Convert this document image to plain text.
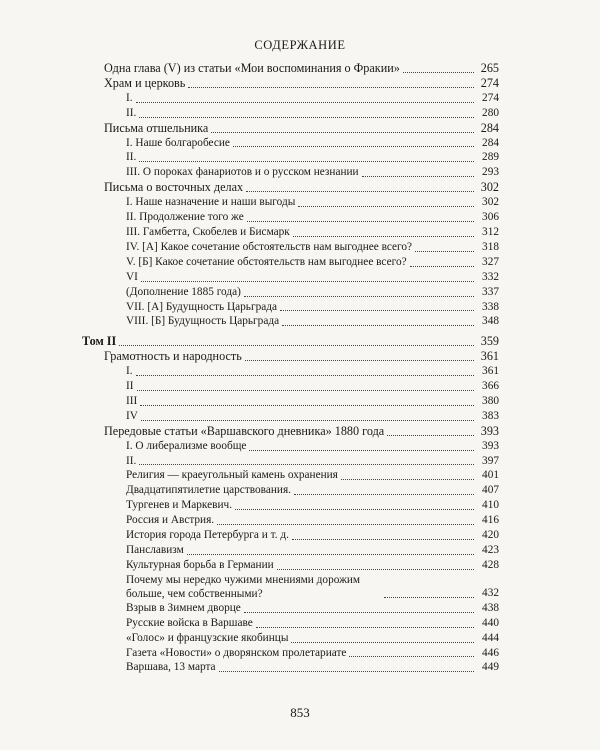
СОДЕРЖАНИЕ
Одна глава (V) из статьи «Мои воспоминания о Фракии»	265
Храм и церковь	274
I.	274
II.	280
Письма отшельника	284
I. Наше болгаробесие	284
II.	289
III. О пороках фанариотов и о русском незнании	293
Письма о восточных делах	302
I. Наше назначение и наши выгоды	302
II. Продолжение того же	306
III. Гамбетта, Скобелев и Бисмарк	312
IV. [А] Какое сочетание обстоятельств нам выгоднее всего?	318
V. [Б] Какое сочетание обстоятельств нам выгоднее всего?	327
VI	332
(Дополнение 1885 года)	337
VII. [А] Будущность Царьграда	338
VIII. [Б] Будущность Царьграда	348
Том II	359
Грамотность и народность	361
I.	361
II	366
III	380
IV	383
Передовые статьи «Варшавского дневника» 1880 года	393
I. О либерализме вообще	393
II.	397
Религия — краеугольный камень охранения	401
Двадцатипятилетие царствования.	407
Тургенев и Маркевич.	410
Россия и Австрия.	416
История города Петербурга и т. д.	420
Панславизм	423
Культурная борьба в Германии	428
Почему мы нередко чужими мнениями дорожим больше, чем собственными?	432
Взрыв в Зимнем дворце	438
Русские войска в Варшаве	440
«Голос» и французские якобинцы	444
Газета «Новости» о дворянском пролетариате	446
Варшава, 13 марта	449
853
